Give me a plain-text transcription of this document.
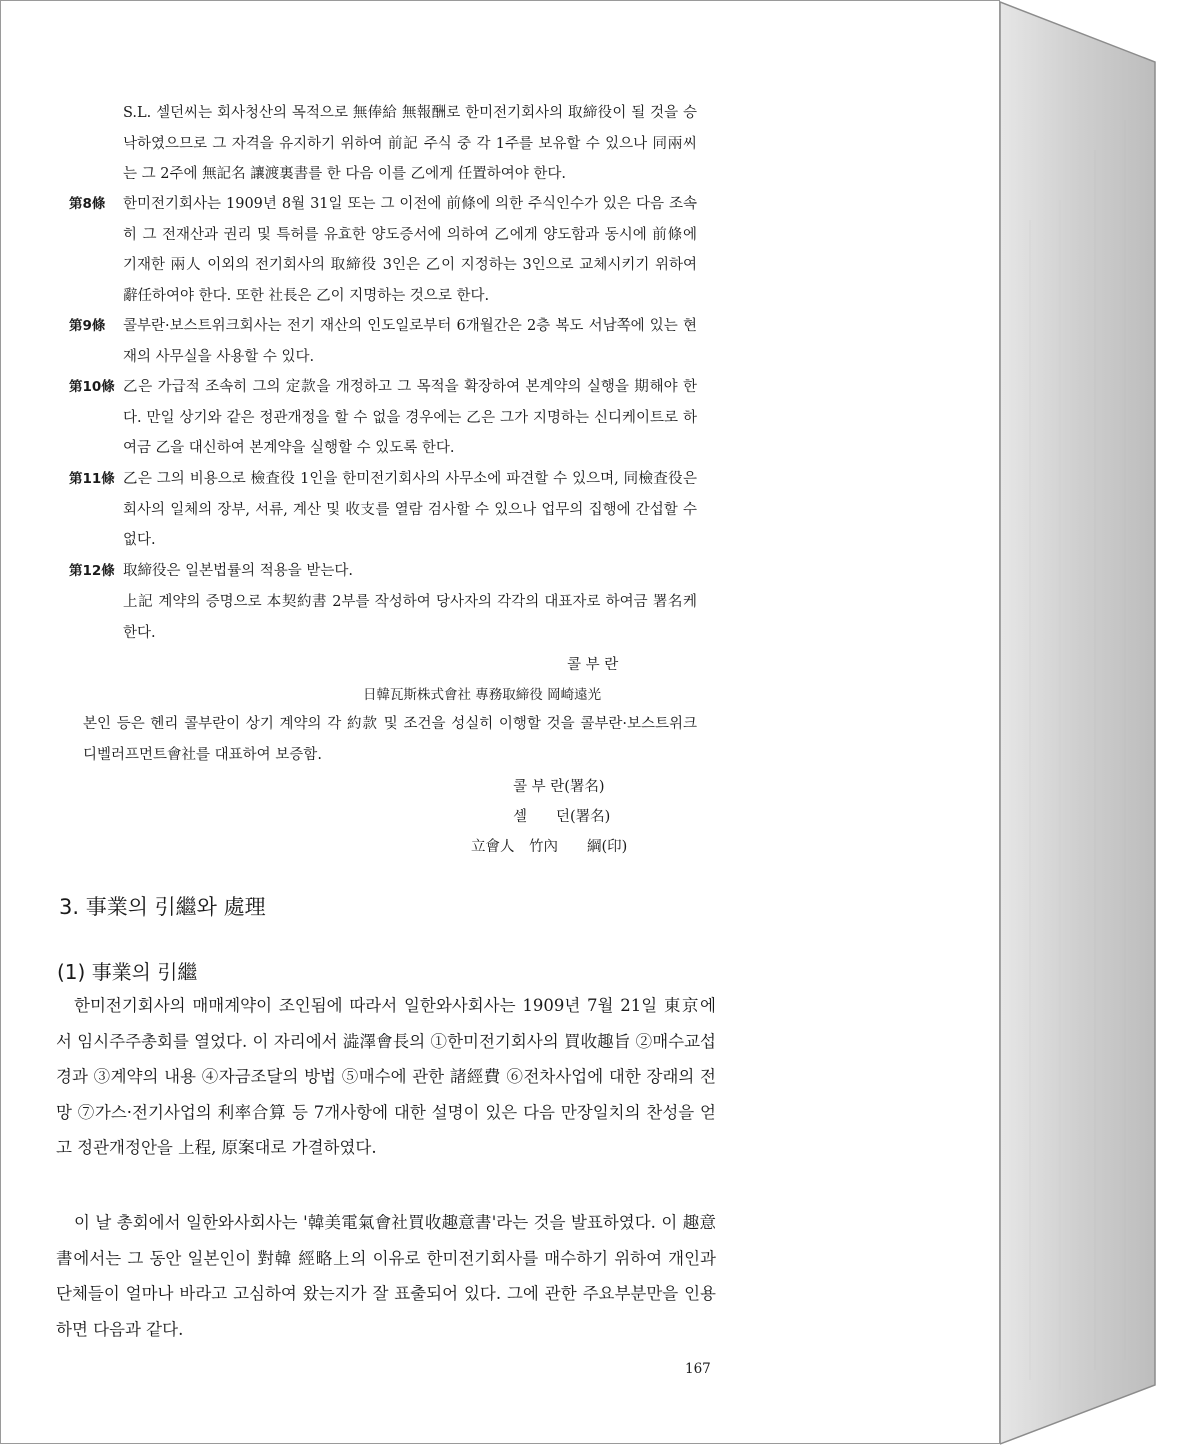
S.L. 셀던씨는 회사청산의 목적으로 無俸給 無報酬로 한미전기회사의 取締役이 될 것을 승낙하였으므로 그 자격을 유지하기 위하여 前記 주식 중 각 1주를 보유할 수 있으나 同兩씨는 그 2주에 無記名 讓渡裏書를 한 다음 이를 乙에게 任置하여야 한다.
第8條 한미전기회사는 1909년 8월 31일 또는 그 이전에 前條에 의한 주식인수가 있은 다음 조속히 그 전재산과 권리 및 특허를 유효한 양도증서에 의하여 乙에게 양도함과 동시에 前條에 기재한 兩人 이외의 전기회사의 取締役 3인은 乙이 지정하는 3인으로 교체시키기 위하여 辭任하여야 한다. 또한 社長은 乙이 지명하는 것으로 한다.
第9條 콜부란·보스트위크회사는 전기 재산의 인도일로부터 6개월간은 2층 복도 서남쪽에 있는 현재의 사무실을 사용할 수 있다.
第10條 乙은 가급적 조속히 그의 定款을 개정하고 그 목적을 확장하여 본계약의 실행을 期해야 한다. 만일 상기와 같은 정관개정을 할 수 없을 경우에는 乙은 그가 지명하는 신디케이트로 하여금 乙을 대신하여 본계약을 실행할 수 있도록 한다.
第11條 乙은 그의 비용으로 檢査役 1인을 한미전기회사의 사무소에 파견할 수 있으며, 同檢査役은 회사의 일체의 장부, 서류, 계산 및 收支를 열람 검사할 수 있으나 업무의 집행에 간섭할 수 없다.
第12條 取締役은 일본법률의 적용을 받는다.
上記 계약의 증명으로 本契約書 2부를 작성하여 당사자의 각각의 대표자로 하여금 署名케 한다.
콜 부 란
日韓瓦斯株式會社 專務取締役 岡崎遠光
본인 등은 헨리 콜부란이 상기 계약의 각 約款 및 조건을 성실히 이행할 것을 콜부란·보스트위크 디벨러프먼트會社를 대표하여 보증함.
콜 부 란(署名)
셀　　던(署名)
立會人　竹內　　綱(印)
3. 事業의 引繼와 處理
(1) 事業의 引繼
한미전기회사의 매매계약이 조인됨에 따라서 일한와사회사는 1909년 7월 21일 東京에서 임시주주총회를 열었다. 이 자리에서 澁澤會長의 ①한미전기회사의 買收趣旨 ②매수교섭경과 ③계약의 내용 ④자금조달의 방법 ⑤매수에 관한 諸經費 ⑥전차사업에 대한 장래의 전망 ⑦가스·전기사업의 利率合算 등 7개사항에 대한 설명이 있은 다음 만장일치의 찬성을 얻고 정관개정안을 上程, 原案대로 가결하였다.
이 날 총회에서 일한와사회사는 '韓美電氣會社買收趣意書'라는 것을 발표하였다. 이 趣意書에서는 그 동안 일본인이 對韓 經略上의 이유로 한미전기회사를 매수하기 위하여 개인과 단체들이 얼마나 바라고 고심하여 왔는지가 잘 표출되어 있다. 그에 관한 주요부분만을 인용하면 다음과 같다.
167
